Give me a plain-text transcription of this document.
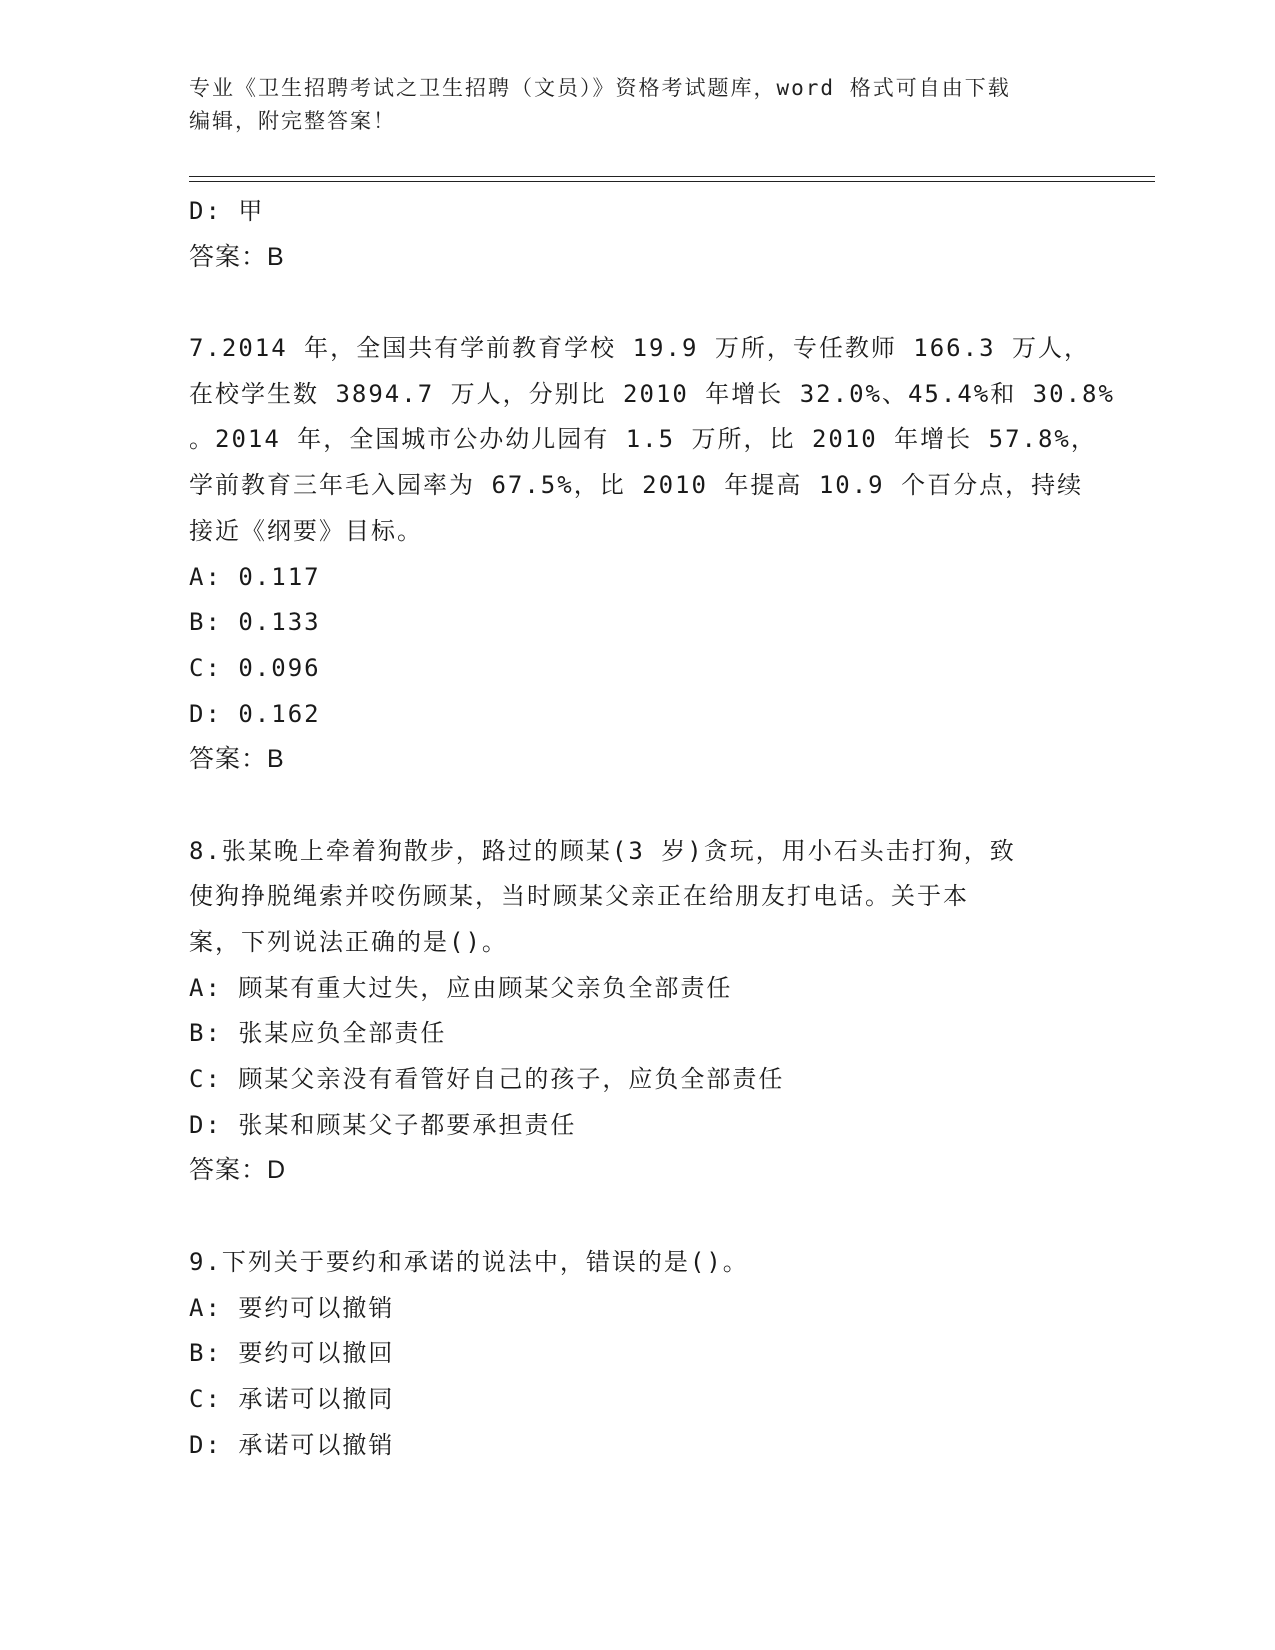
专业《卫生招聘考试之卫生招聘（文员）》资格考试题库，word 格式可自由下载
编辑，附完整答案！
D: 甲
答案：B
7.2014 年，全国共有学前教育学校 19.9 万所，专任教师 166.3 万人，
在校学生数 3894.7 万人，分别比 2010 年增长 32.0%、45.4%和 30.8%
。2014 年，全国城市公办幼儿园有 1.5 万所，比 2010 年增长 57.8%，
学前教育三年毛入园率为 67.5%，比 2010 年提高 10.9 个百分点，持续
接近《纲要》目标。
A: 0.117
B: 0.133
C: 0.096
D: 0.162
答案：B
8.张某晚上牵着狗散步，路过的顾某(3 岁)贪玩，用小石头击打狗，致
使狗挣脱绳索并咬伤顾某，当时顾某父亲正在给朋友打电话。关于本
案，下列说法正确的是()。
A: 顾某有重大过失，应由顾某父亲负全部责任
B: 张某应负全部责任
C: 顾某父亲没有看管好自己的孩子，应负全部责任
D: 张某和顾某父子都要承担责任
答案：D
9.下列关于要约和承诺的说法中，错误的是()。
A: 要约可以撤销
B: 要约可以撤回
C: 承诺可以撤同
D: 承诺可以撤销
